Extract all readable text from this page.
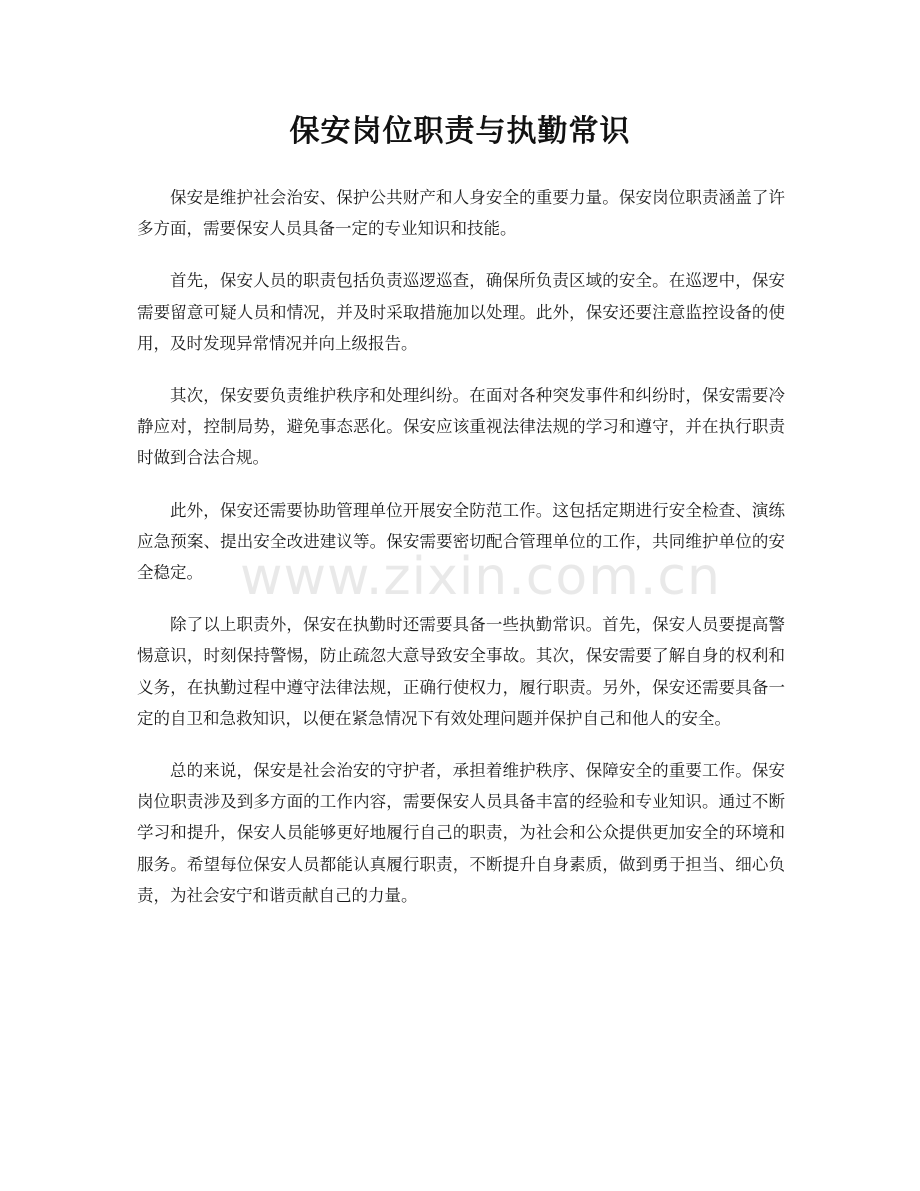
保安岗位职责与执勤常识

保安是维护社会治安、保护公共财产和人身安全的重要力量。保安岗位职责涵盖了许多方面，需要保安人员具备一定的专业知识和技能。

首先，保安人员的职责包括负责巡逻巡查，确保所负责区域的安全。在巡逻中，保安需要留意可疑人员和情况，并及时采取措施加以处理。此外，保安还要注意监控设备的使用，及时发现异常情况并向上级报告。

其次，保安要负责维护秩序和处理纠纷。在面对各种突发事件和纠纷时，保安需要冷静应对，控制局势，避免事态恶化。保安应该重视法律法规的学习和遵守，并在执行职责时做到合法合规。

此外，保安还需要协助管理单位开展安全防范工作。这包括定期进行安全检查、演练应急预案、提出安全改进建议等。保安需要密切配合管理单位的工作，共同维护单位的安全稳定。

除了以上职责外，保安在执勤时还需要具备一些执勤常识。首先，保安人员要提高警惕意识，时刻保持警惕，防止疏忽大意导致安全事故。其次，保安需要了解自身的权利和义务，在执勤过程中遵守法律法规，正确行使权力，履行职责。另外，保安还需要具备一定的自卫和急救知识，以便在紧急情况下有效处理问题并保护自己和他人的安全。

总的来说，保安是社会治安的守护者，承担着维护秩序、保障安全的重要工作。保安岗位职责涉及到多方面的工作内容，需要保安人员具备丰富的经验和专业知识。通过不断学习和提升，保安人员能够更好地履行自己的职责，为社会和公众提供更加安全的环境和服务。希望每位保安人员都能认真履行职责，不断提升自身素质，做到勇于担当、细心负责，为社会安宁和谐贡献自己的力量。

www.zixin.com.cn
